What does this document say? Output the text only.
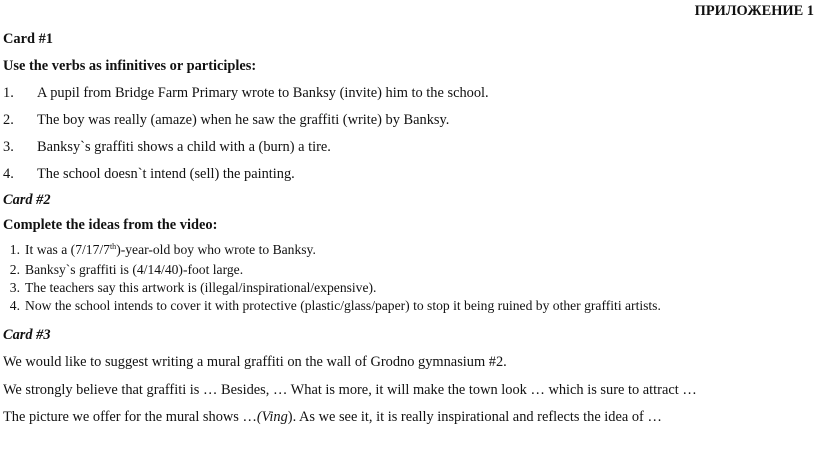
ПРИЛОЖЕНИЕ 1
Card #1
Use the verbs as infinitives or participles:
1. A pupil from Bridge Farm Primary wrote to Banksy (invite) him to the school.
2. The boy was really (amaze) when he saw the graffiti (write) by Banksy.
3. Banksy`s graffiti shows a child with a (burn) a tire.
4. The school doesn`t intend (sell) the painting.
Card #2
Complete the ideas from the video:
1. It was a (7/17/7th)-year-old boy who wrote to Banksy.
2. Banksy`s graffiti is (4/14/40)-foot large.
3. The teachers say this artwork is (illegal/inspirational/expensive).
4. Now the school intends to cover it with protective (plastic/glass/paper) to stop it being ruined by other graffiti artists.
Card #3
We would like to suggest writing a mural graffiti on the wall of Grodno gymnasium #2.
We strongly believe that graffiti is … Besides, … What is more, it will make the town look … which is sure to attract …
The picture we offer for the mural shows …(Ving). As we see it, it is really inspirational and reflects the idea of …
